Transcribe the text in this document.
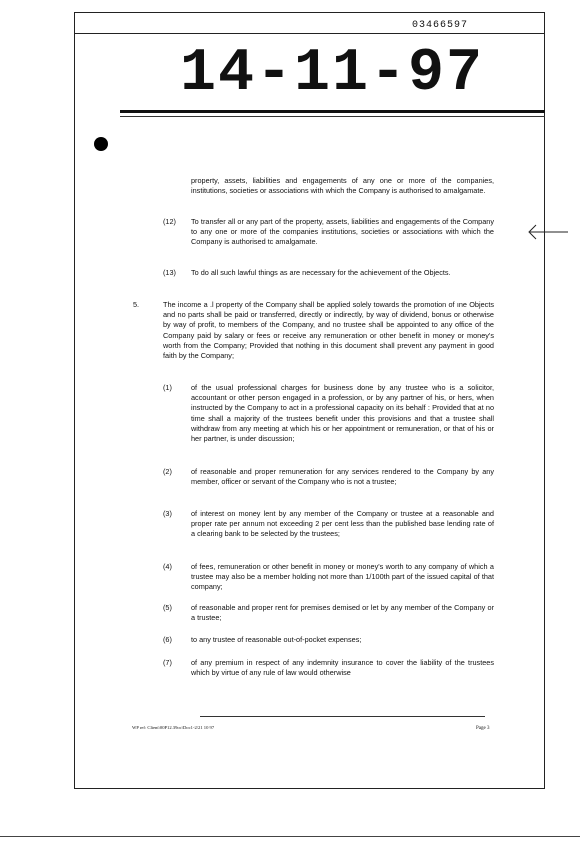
03466597
14-11-97
property, assets, liabilities and engagements of any one or more of the companies, institutions, societies or associations with which the Company is authorised to amalgamate.
(12) To transfer all or any part of the property, assets, liabilities and engagements of the Company to any one or more of the companies institutions, societies or associations with which the Company is authorised tc amalgamate.
(13) To do all such lawful things as are necessary for the achievement of the Objects.
5.	The income a .l property of the Company shall be applied solely towards the promotion of ıne Objects and no parts shall be paid or transferred, directly or indirectly, by way of dividend, bonus or otherwise by way of profit, to members of the Company, and no trustee shall be appointed to any office of the Company paid by salary or fees or receive any remuneration or other benefit in money or money's worth from the Company; Provided that nothing in this document shall prevent any payment in good faith by the Company;
(1)	of the usual professional charges for business done by any trustee who is a solicitor, accountant or other person engaged in a profession, or by any partner of his, or hers, when instructed by the Company to act in a professional capacity on its behalf : Provided that at no time shall a majority of the trustees benefit under this provisions and that a trustee shall withdraw from any meeting at which his or her appointment or remuneration, or that of his or her partner, is under discussion;
(2)	of reasonable and proper remuneration for any services rendered to the Company by any member, officer or servant of the Company who is not a trustee;
(3)	of interest on money lent by any member of the Company or trustee at a reasonable and proper rate per annum not exceeding 2 per cent less than the published base lending rate of a clearing bank to be selected by the trustees;
(4)	of fees, remuneration or other benefit in money or money's worth to any company of which a trustee may also be a member holding not more than 1/100th part of the issued capital of that company;
(5)	of reasonable and proper rent for premises demised or let by any member of the Company or a trustee;
(6)	to any trustee of reasonable out-of-pocket expenses;
(7)	of any premium in respect of any indemnity insurance to cover the liability of the trustees which by virtue of any rule of law would otherwise
WP ref: Client\00P12.39oc\Doc1-2/21 10 97	Page 3
